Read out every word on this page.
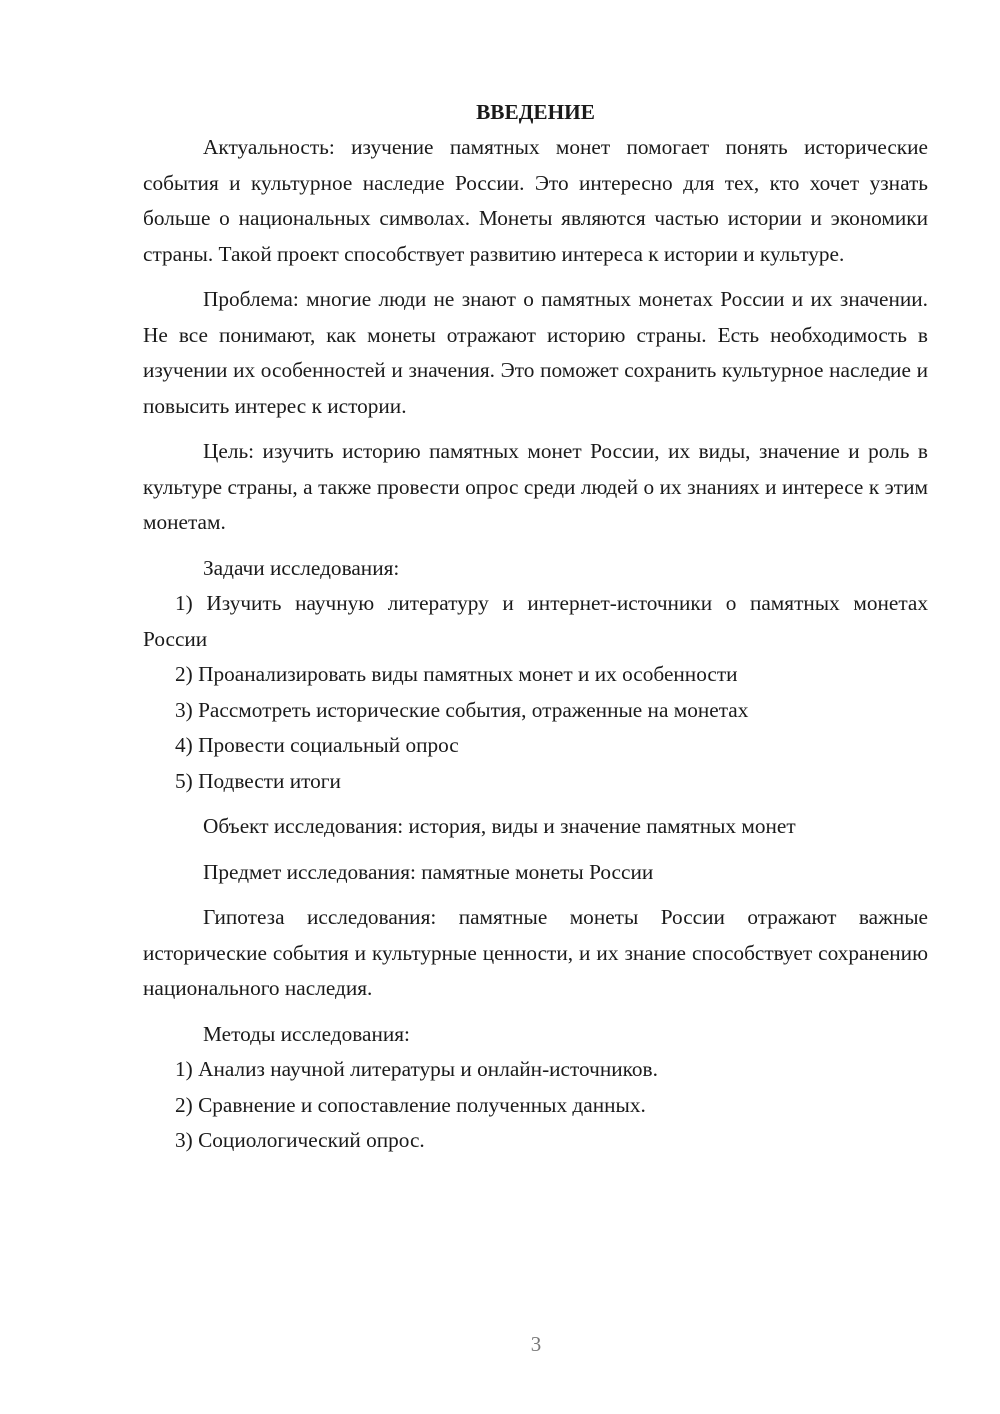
ВВЕДЕНИЕ

Актуальность: изучение памятных монет помогает понять исторические события и культурное наследие России. Это интересно для тех, кто хочет узнать больше о национальных символах. Монеты являются частью истории и экономики страны. Такой проект способствует развитию интереса к истории и культуре.

Проблема: многие люди не знают о памятных монетах России и их значении. Не все понимают, как монеты отражают историю страны. Есть необходимость в изучении их особенностей и значения. Это поможет сохранить культурное наследие и повысить интерес к истории.

Цель: изучить историю памятных монет России, их виды, значение и роль в культуре страны, а также провести опрос среди людей о их знаниях и интересе к этим монетам.

Задачи исследования:

1) Изучить научную литературу и интернет-источники о памятных монетах России

2) Проанализировать виды памятных монет и их особенности

3) Рассмотреть исторические события, отраженные на монетах

4) Провести социальный опрос

5) Подвести итоги

Объект исследования: история, виды и значение памятных монет

Предмет исследования: памятные монеты России

Гипотеза исследования: памятные монеты России отражают важные исторические события и культурные ценности, и их знание способствует сохранению национального наследия.

Методы исследования:

1) Анализ научной литературы и онлайн-источников.

2) Сравнение и сопоставление полученных данных.

3) Социологический опрос.

3
